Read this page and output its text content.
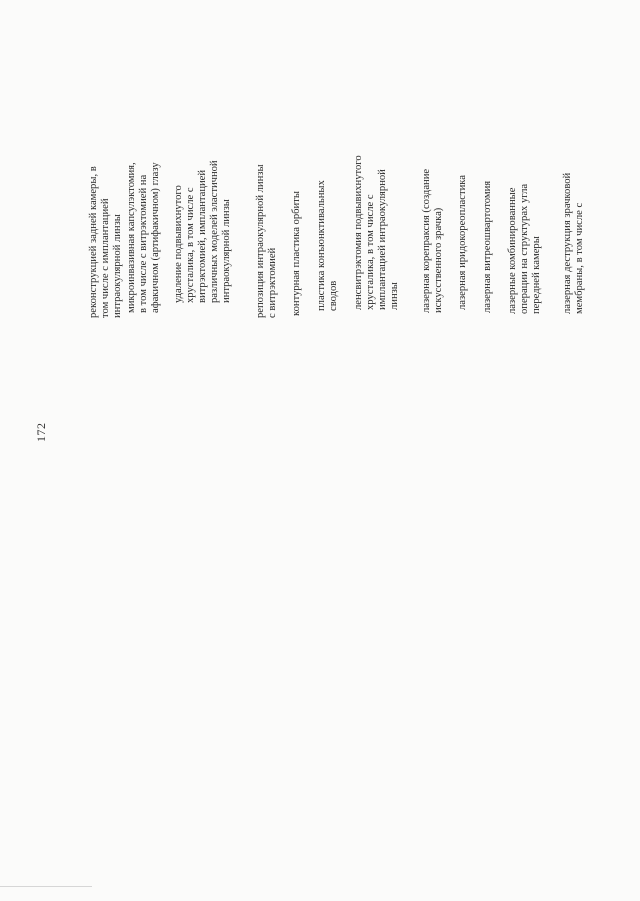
172
реконструкцией задней камеры, в том числе с имплантацией интраокулярной линзы микроинвазивная капсулэктомия, в том числе с витрэктомией на афакичном (артифакичном) глазу удаление подвывихнутого хрусталика, в том числе с витрэктомией, имплантацией различных моделей эластичной интраокулярной линзы репозиция интраокулярной линзы с витрэктомией контурная пластика орбиты пластика конъюнктивальных сводов ленсвитрэктомия подвывихнутого хрусталика, в том числе с имплантацией интраокулярной линзы лазерная корепраксия (создание искусственного зрачка) лазерная иридокореопластика лазерная витреошвартотомия лазерные комбинированные операции на структурах угла передней камеры лазерная деструкция зрачковой мембраны, в том числе с
